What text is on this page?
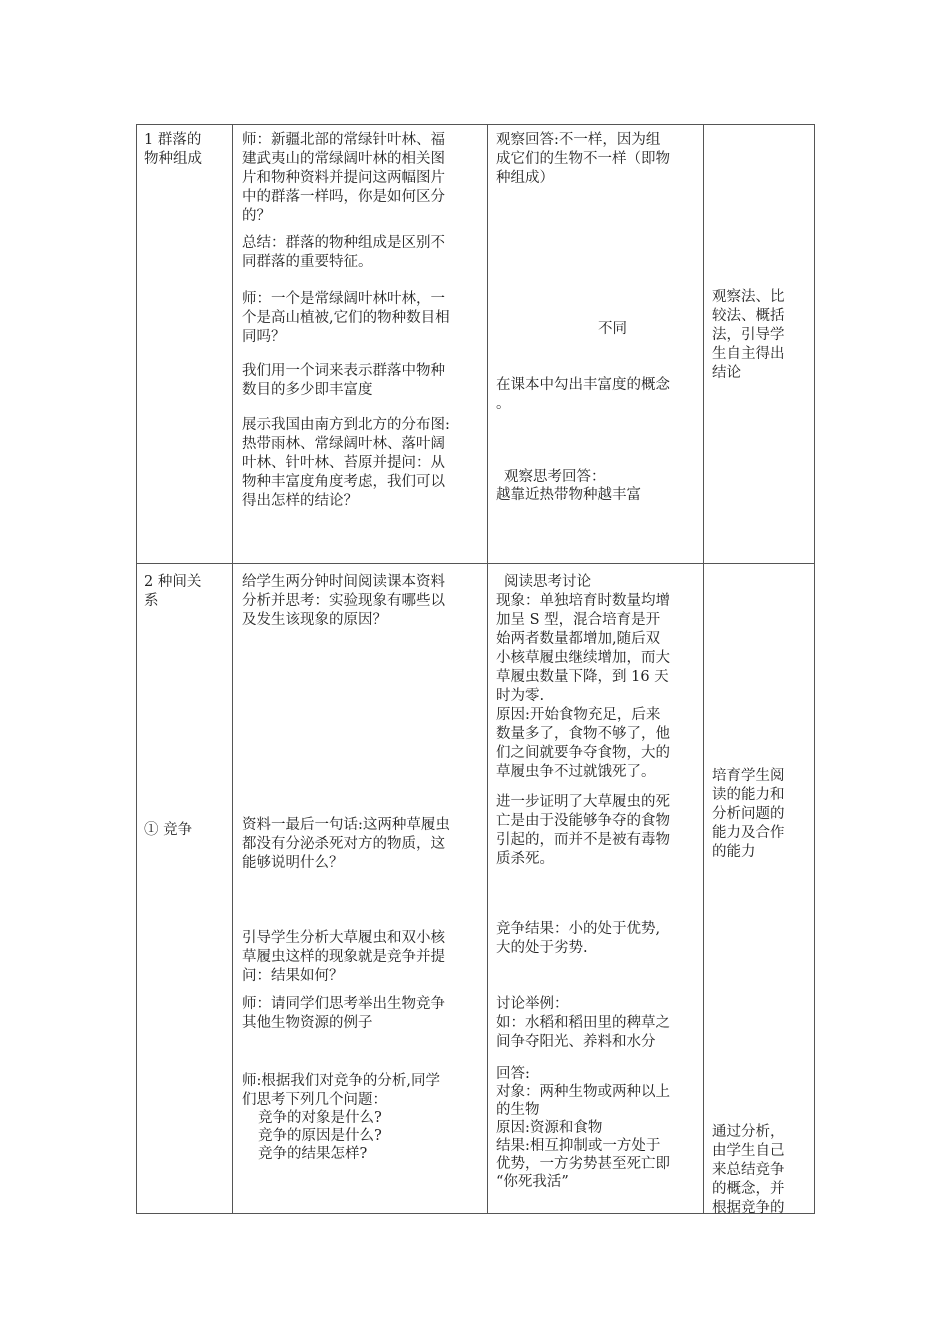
1 群落的
物种组成
师：新疆北部的常绿针叶林、福
建武夷山的常绿阔叶林的相关图
片和物种资料并提问这两幅图片
中的群落一样吗，你是如何区分
的？
总结：群落的物种组成是区别不
同群落的重要特征。
师：一个是常绿阔叶林叶林，一
个是高山植被,它们的物种数目相
同吗？
我们用一个词来表示群落中物种
数目的多少即丰富度
展示我国由南方到北方的分布图:
热带雨林、常绿阔叶林、落叶阔
叶林、针叶林、苔原并提问：从
物种丰富度角度考虑，我们可以
得出怎样的结论？
观察回答:不一样，因为组
成它们的生物不一样（即物
种组成）
不同
在课本中勾出丰富度的概念
。
观察思考回答：
越靠近热带物种越丰富
观察法、比
较法、概括
法，引导学
生自主得出
结论
2 种间关
系
① 竞争
给学生两分钟时间阅读课本资料
分析并思考：实验现象有哪些以
及发生该现象的原因？
资料一最后一句话:这两种草履虫
都没有分泌杀死对方的物质，这
能够说明什么？
引导学生分析大草履虫和双小核
草履虫这样的现象就是竞争并提
问：结果如何？
师：请同学们思考举出生物竞争
其他生物资源的例子
师:根据我们对竞争的分析,同学
们思考下列几个问题：
竞争的对象是什么?
竞争的原因是什么?
竞争的结果怎样?
阅读思考讨论
现象：单独培育时数量均增
加呈 S 型，混合培育是开
始两者数量都增加,随后双
小核草履虫继续增加，而大
草履虫数量下降，到 16 天
时为零.
原因:开始食物充足，后来
数量多了，食物不够了，他
们之间就要争夺食物，大的
草履虫争不过就饿死了。
进一步证明了大草履虫的死
亡是由于没能够争夺的食物
引起的，而并不是被有毒物
质杀死。
竞争结果：小的处于优势,
大的处于劣势.
讨论举例：
如：水稻和稻田里的稗草之
间争夺阳光、养料和水分
回答:
对象：两种生物或两种以上
的生物
原因:资源和食物
结果:相互抑制或一方处于
优势，一方劣势甚至死亡即
“你死我活”
培育学生阅
读的能力和
分析问题的
能力及合作
的能力
通过分析，
由学生自己
来总结竞争
的概念，并
根据竞争的
